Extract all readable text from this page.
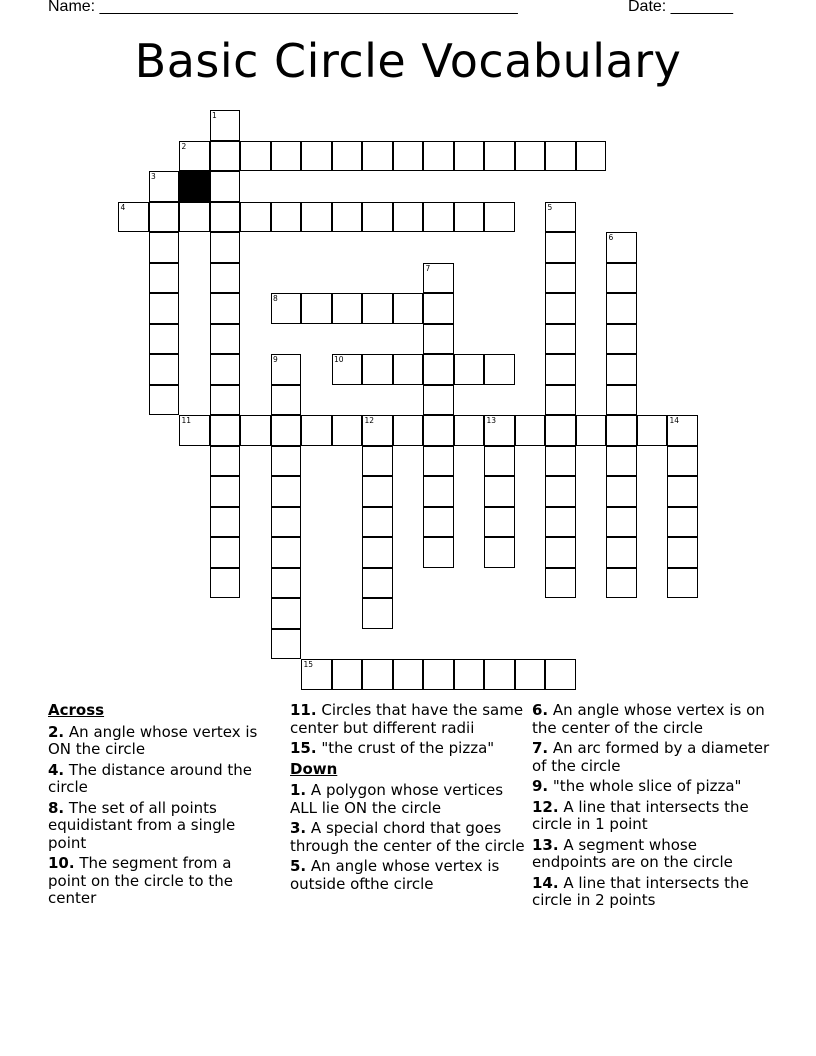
Name: _______________________________________________	Date: _______
Basic Circle Vocabulary
1
2
3
4	5
6
7
8
9	10
11	12	13	14
15
Across
2. An angle whose vertex is ON the circle
4. The distance around the circle
8. The set of all points equidistant from a single point
10. The segment from a point on the circle to the center
11. Circles that have the same center but different radii
15. "the crust of the pizza"
Down
1. A polygon whose vertices ALL lie ON the circle
3. A special chord that goes through the center of the circle
5. An angle whose vertex is outside ofthe circle
6. An angle whose vertex is on the center of the circle
7. An arc formed by a diameter of the circle
9. "the whole slice of pizza"
12. A line that intersects the circle in 1 point
13. A segment whose endpoints are on the circle
14. A line that intersects the circle in 2 points
